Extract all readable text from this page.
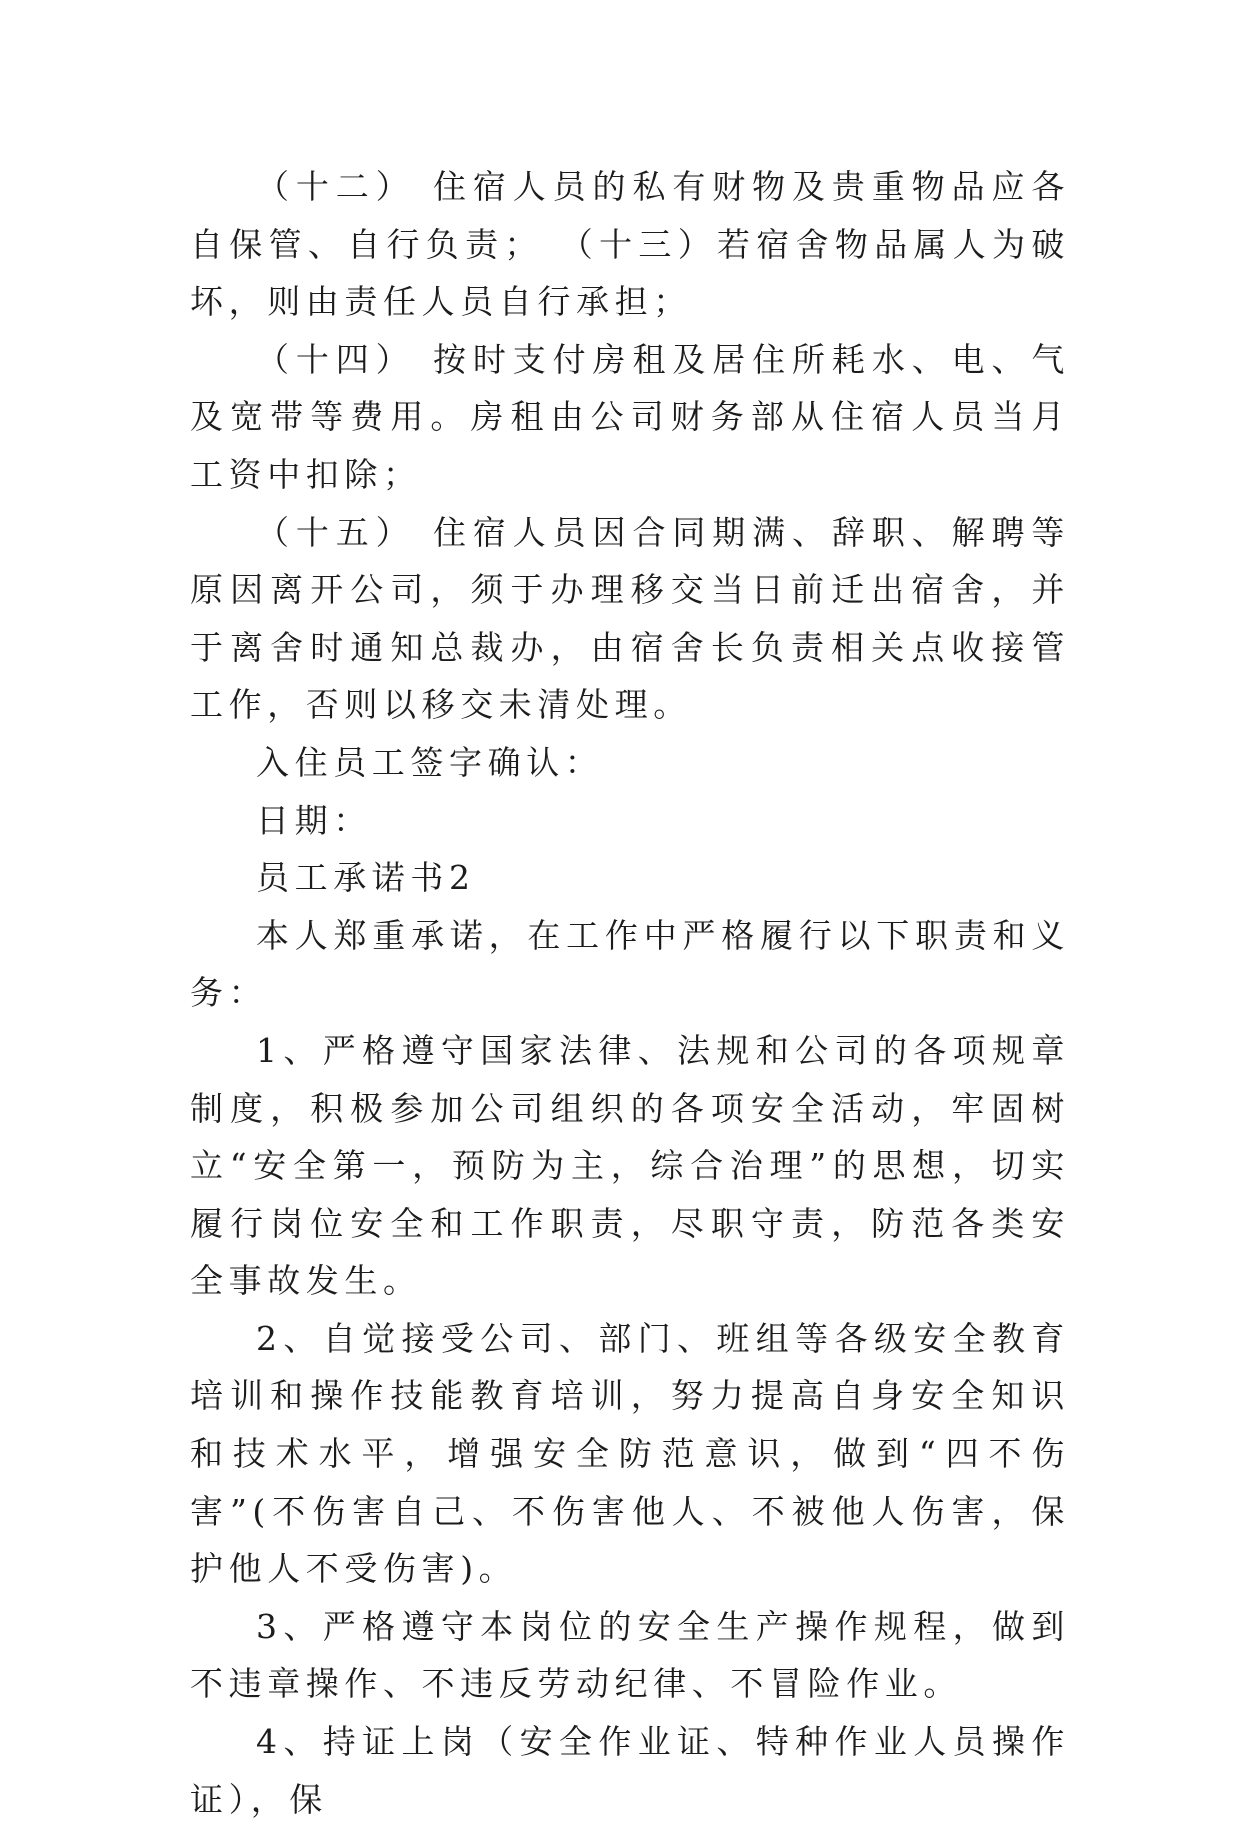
（十二） 住宿人员的私有财物及贵重物品应各自保管、自行负责； （十三）若宿舍物品属人为破坏，则由责任人员自行承担；

（十四） 按时支付房租及居住所耗水、电、气及宽带等费用。房租由公司财务部从住宿人员当月工资中扣除；

（十五） 住宿人员因合同期满、辞职、解聘等原因离开公司，须于办理移交当日前迁出宿舍，并于离舍时通知总裁办，由宿舍长负责相关点收接管工作，否则以移交未清处理。

入住员工签字确认：

日期：

员工承诺书2

本人郑重承诺，在工作中严格履行以下职责和义务：

1、严格遵守国家法律、法规和公司的各项规章制度，积极参加公司组织的各项安全活动，牢固树立“安全第一，预防为主，综合治理”的思想，切实履行岗位安全和工作职责，尽职守责，防范各类安全事故发生。

2、自觉接受公司、部门、班组等各级安全教育培训和操作技能教育培训，努力提高自身安全知识和技术水平，增强安全防范意识，做到“四不伤害”(不伤害自己、不伤害他人、不被他人伤害，保护他人不受伤害)。

3、严格遵守本岗位的安全生产操作规程，做到不违章操作、不违反劳动纪律、不冒险作业。

4、持证上岗（安全作业证、特种作业人员操作证），保
